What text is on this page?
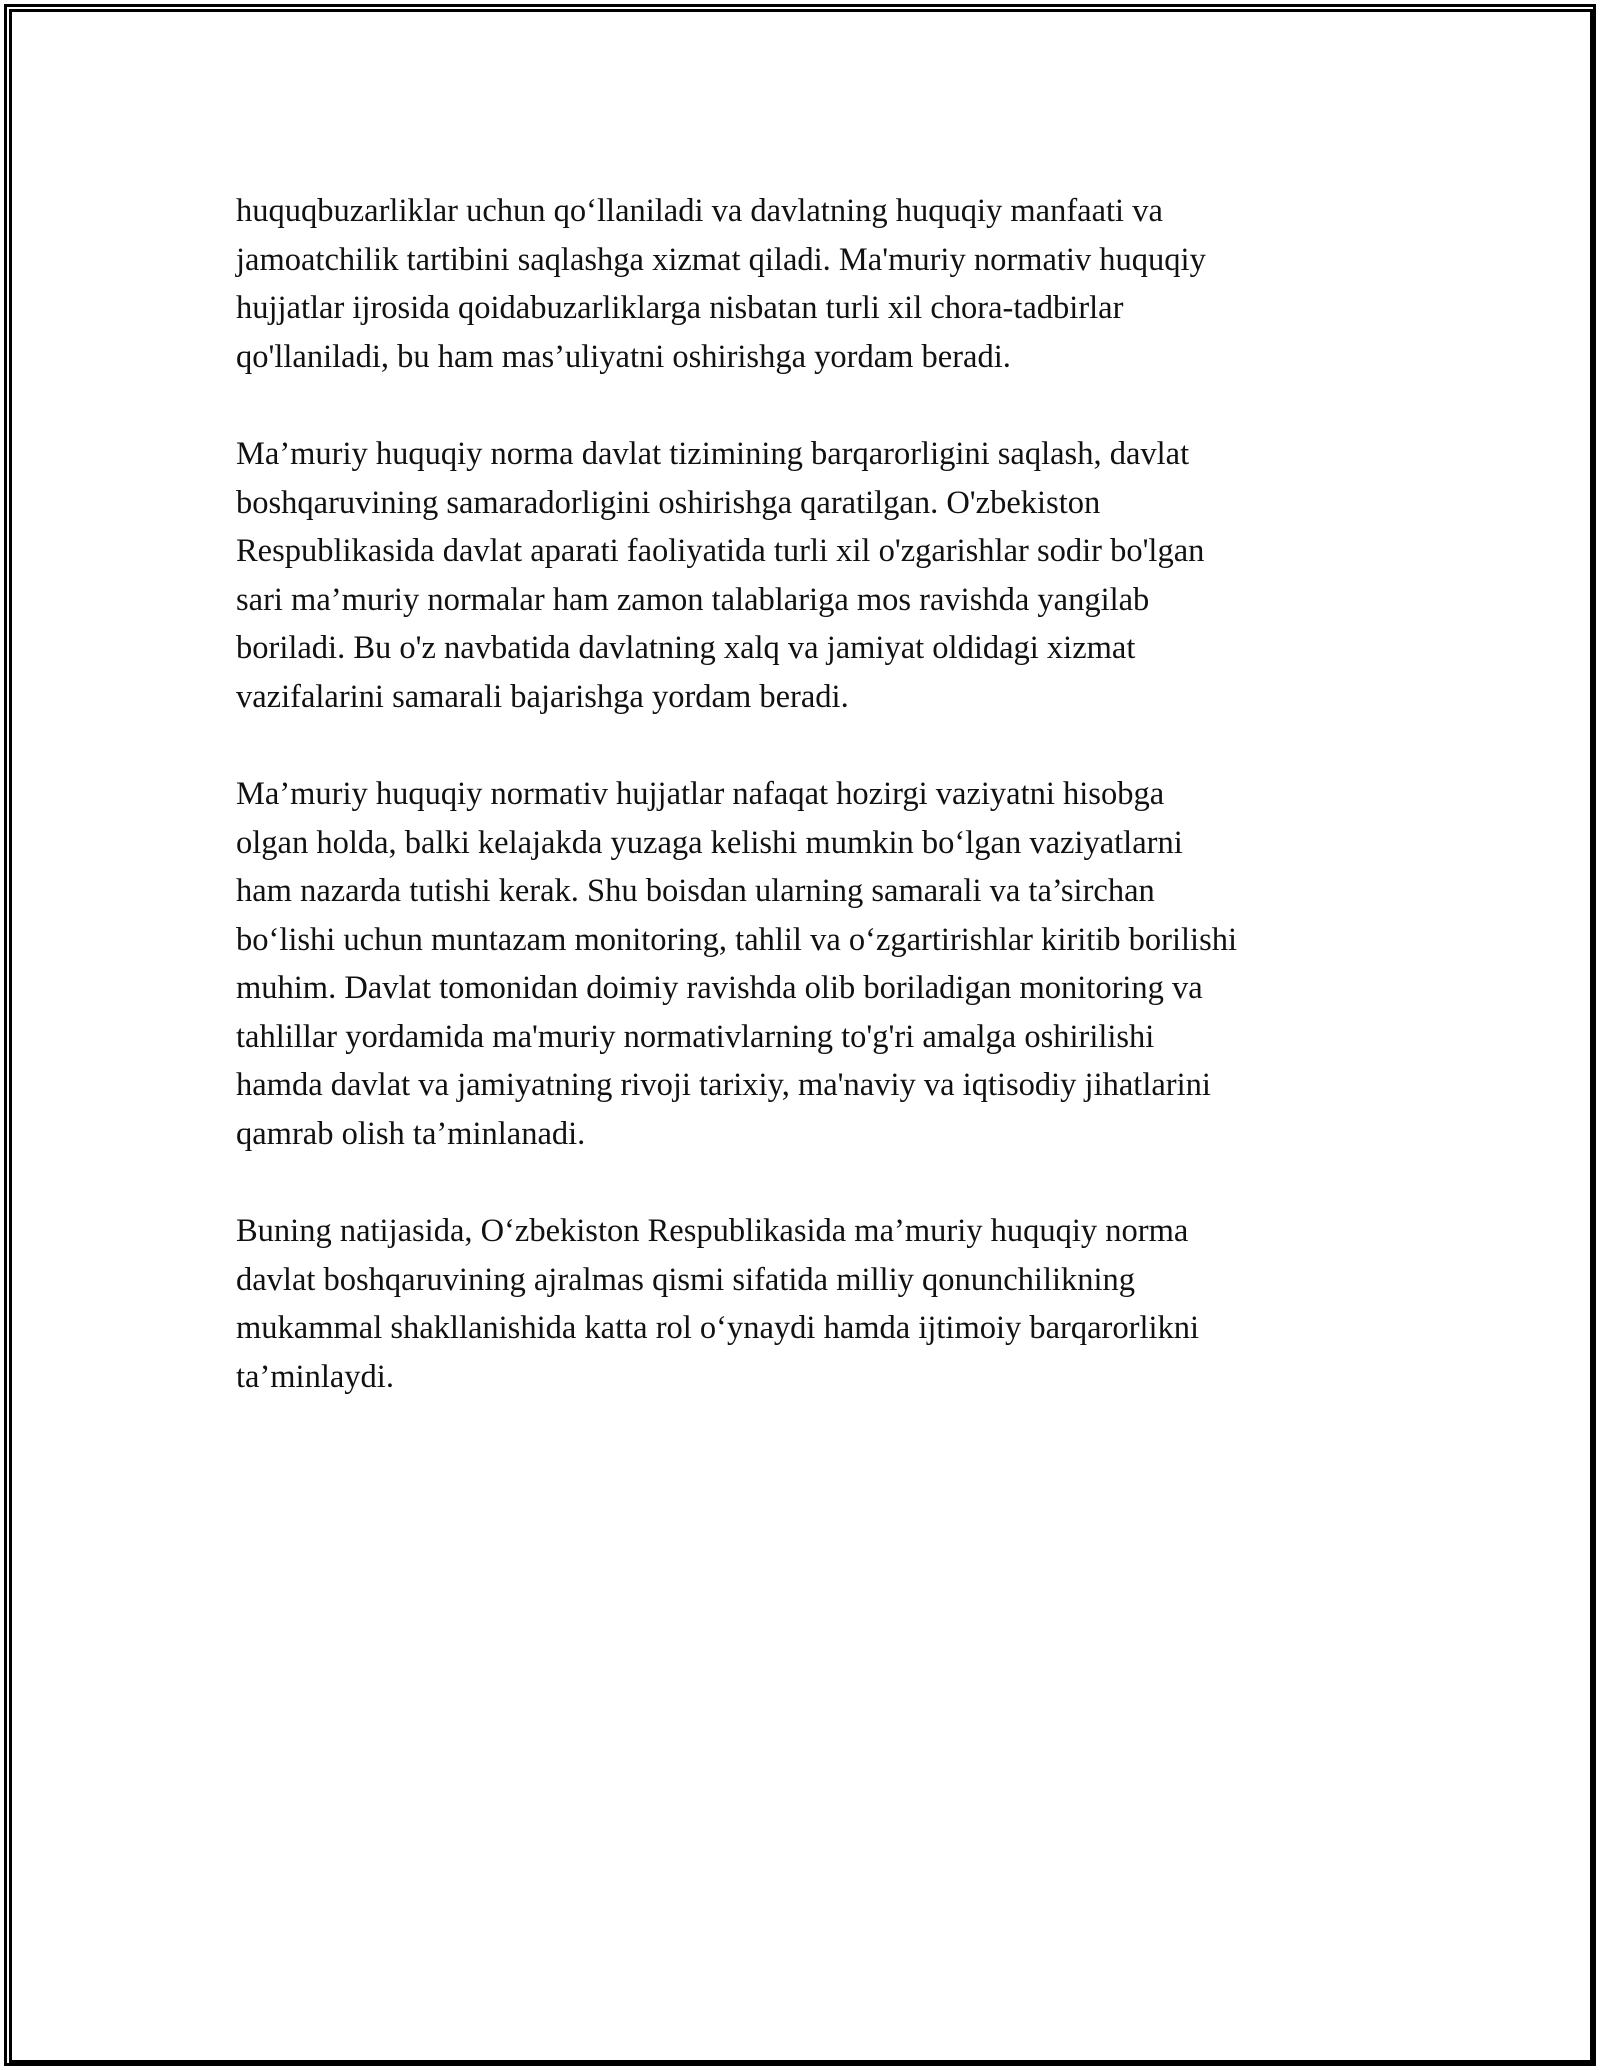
huquqbuzarliklar uchun qo‘llaniladi va davlatning huquqiy manfaati va
jamoatchilik tartibini saqlashga xizmat qiladi. Ma'muriy normativ huquqiy
hujjatlar ijrosida qoidabuzarliklarga nisbatan turli xil chora-tadbirlar
qo'llaniladi, bu ham mas’uliyatni oshirishga yordam beradi.

Ma’muriy huquqiy norma davlat tizimining barqarorligini saqlash, davlat
boshqaruvining samaradorligini oshirishga qaratilgan. O'zbekiston
Respublikasida davlat aparati faoliyatida turli xil o'zgarishlar sodir bo'lgan
sari ma’muriy normalar ham zamon talablariga mos ravishda yangilab
boriladi. Bu o'z navbatida davlatning xalq va jamiyat oldidagi xizmat
vazifalarini samarali bajarishga yordam beradi.

Ma’muriy huquqiy normativ hujjatlar nafaqat hozirgi vaziyatni hisobga
olgan holda, balki kelajakda yuzaga kelishi mumkin bo‘lgan vaziyatlarni
ham nazarda tutishi kerak. Shu boisdan ularning samarali va ta’sirchan
bo‘lishi uchun muntazam monitoring, tahlil va o‘zgartirishlar kiritib borilishi
muhim. Davlat tomonidan doimiy ravishda olib boriladigan monitoring va
tahlillar yordamida ma'muriy normativlarning to'g'ri amalga oshirilishi
hamda davlat va jamiyatning rivoji tarixiy, ma'naviy va iqtisodiy jihatlarini
qamrab olish ta’minlanadi.

Buning natijasida, O‘zbekiston Respublikasida ma’muriy huquqiy norma
davlat boshqaruvining ajralmas qismi sifatida milliy qonunchilikning
mukammal shakllanishida katta rol o‘ynaydi hamda ijtimoiy barqarorlikni
ta’minlaydi.
